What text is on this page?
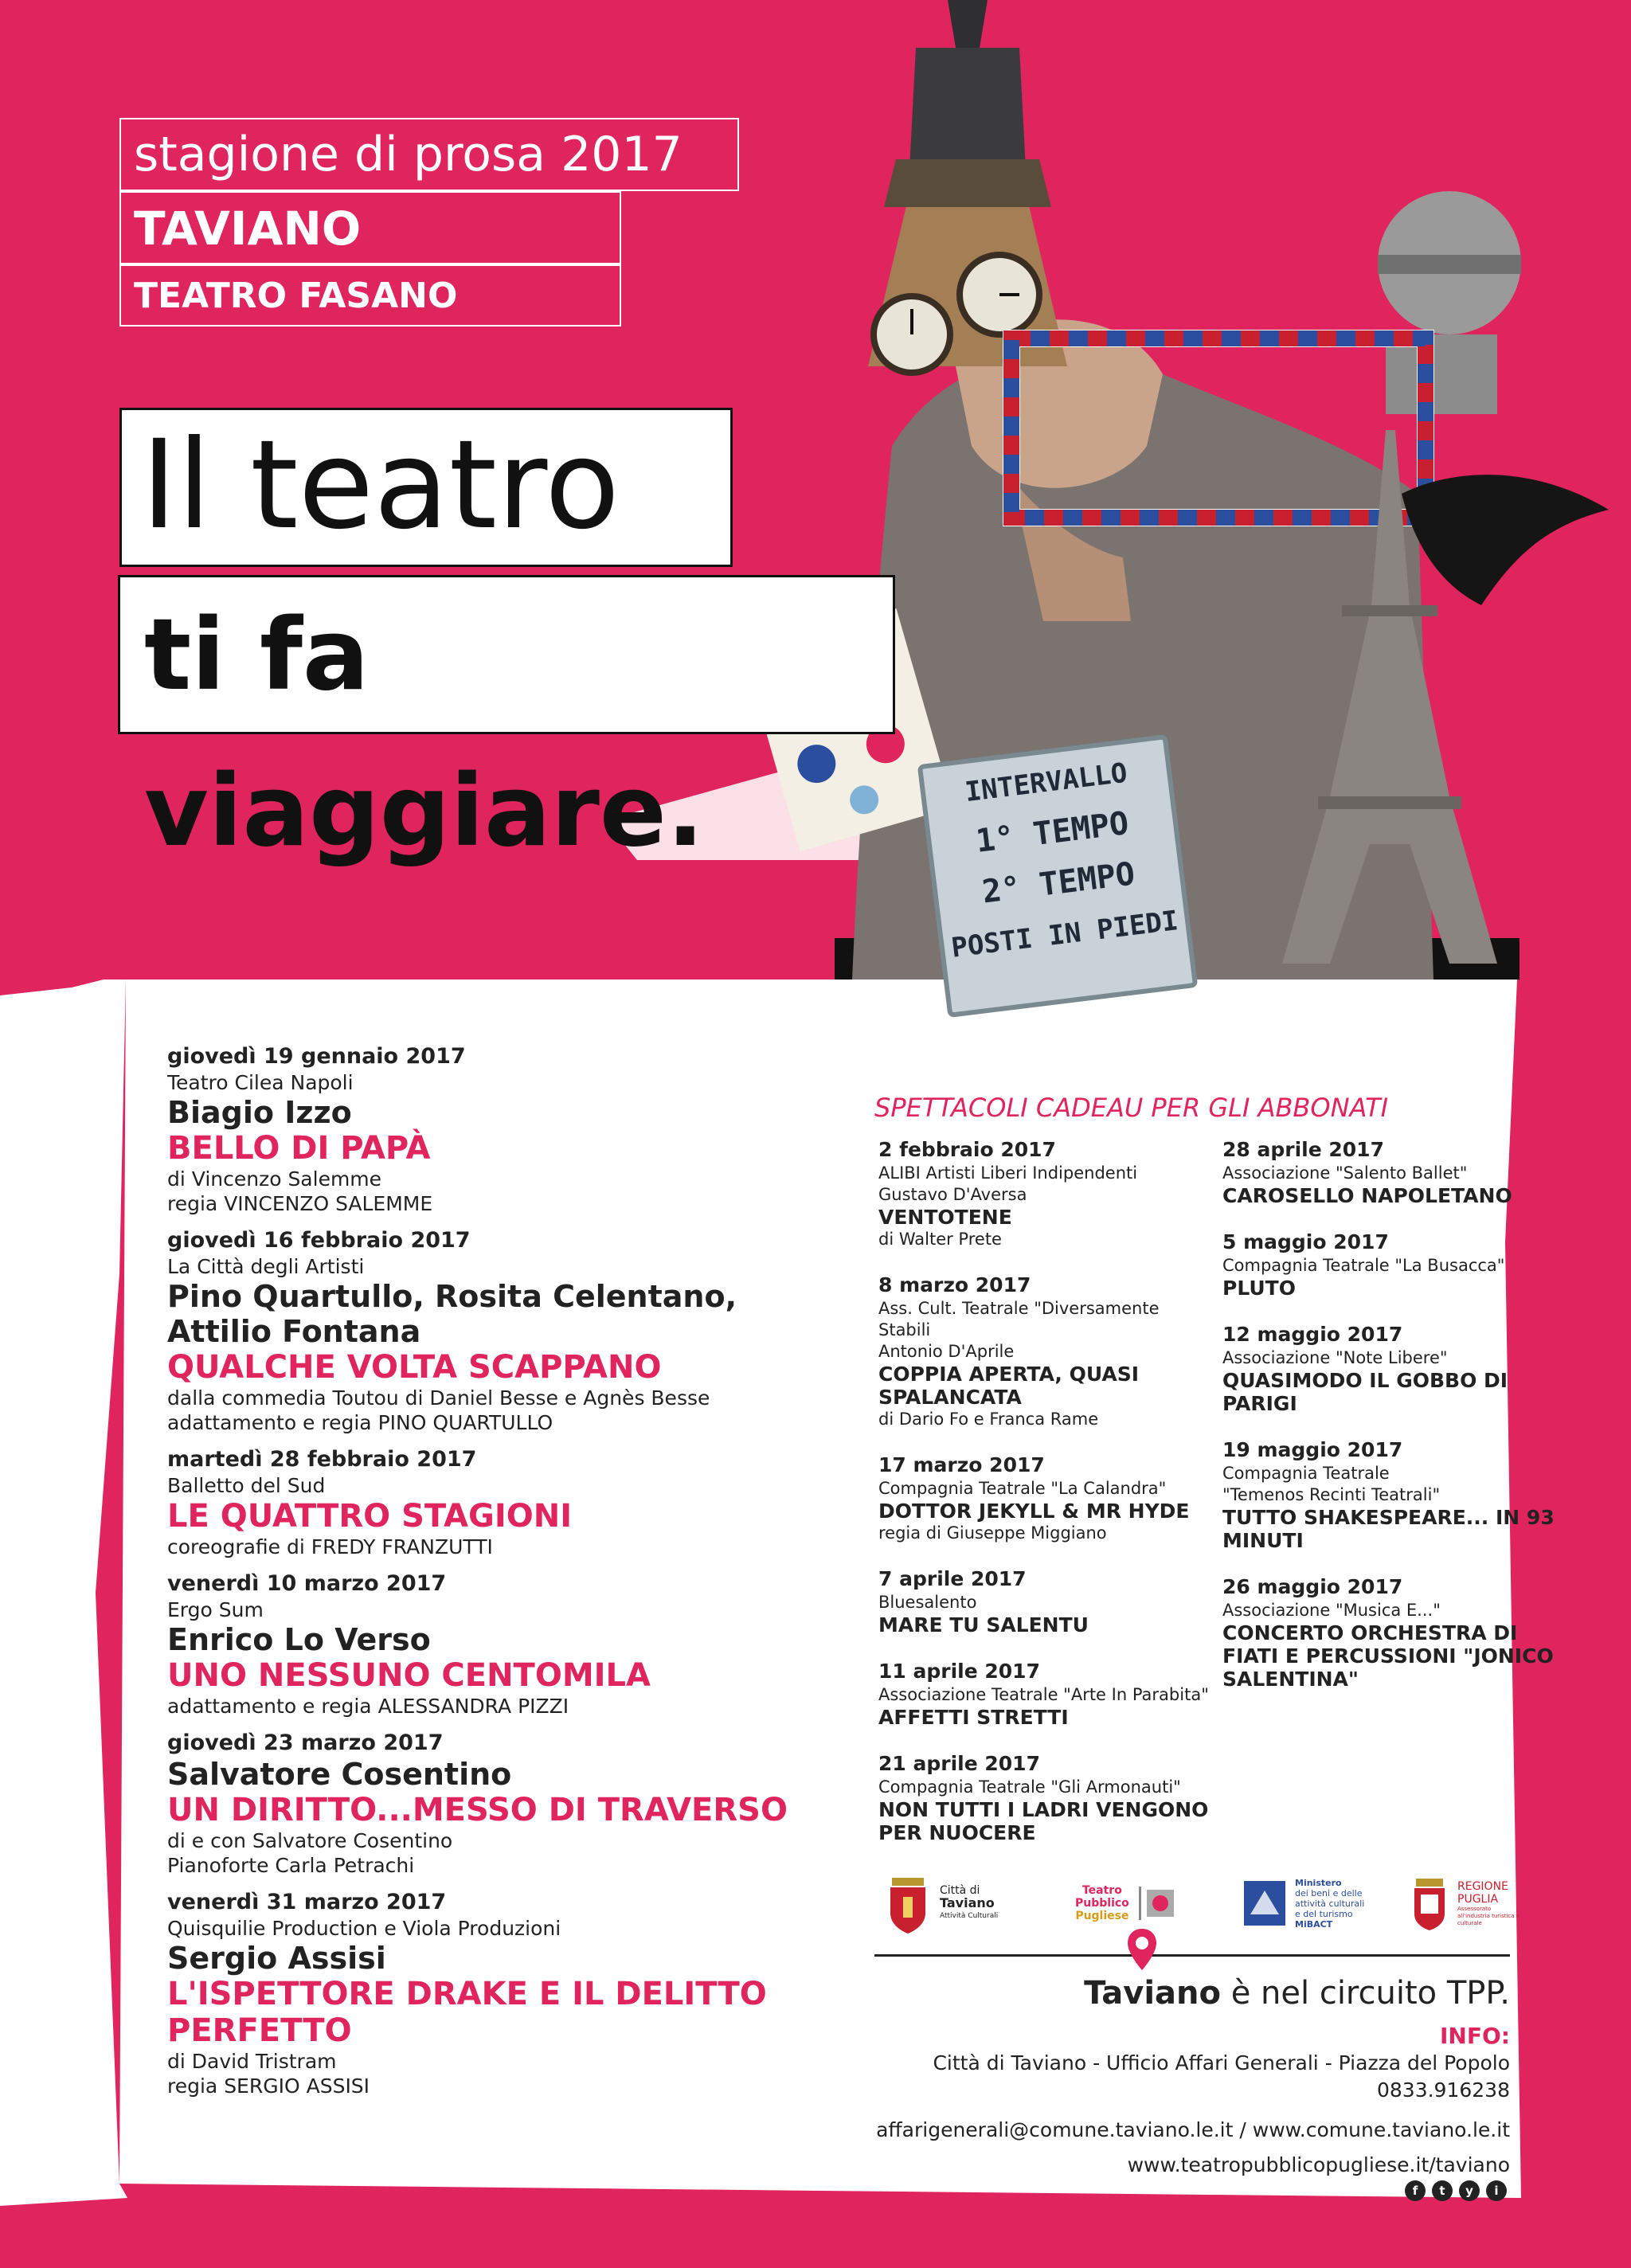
stagione di prosa 2017
TAVIANO
TEATRO FASANO
INTERVALLO
1° TEMPO
2° TEMPO
POSTI IN PIEDI
Il teatro
ti fa viaggiare.
giovedì 19 gennaio 2017
Teatro Cilea Napoli
Biagio Izzo
BELLO DI PAPÀ
di Vincenzo Salemme
regia VINCENZO SALEMME
giovedì 16 febbraio 2017
La Città degli Artisti
Pino Quartullo, Rosita Celentano, Attilio Fontana
QUALCHE VOLTA SCAPPANO
dalla commedia Toutou di Daniel Besse e Agnès Besse
adattamento e regia PINO QUARTULLO
martedì 28 febbraio 2017
Balletto del Sud
LE QUATTRO STAGIONI
coreografie di FREDY FRANZUTTI
venerdì 10 marzo 2017
Ergo Sum
Enrico Lo Verso
UNO NESSUNO CENTOMILA
adattamento e regia ALESSANDRA PIZZI
giovedì 23 marzo 2017
Salvatore Cosentino
UN DIRITTO...MESSO DI TRAVERSO
di e con Salvatore Cosentino
Pianoforte Carla Petrachi
venerdì 31 marzo 2017
Quisquilie Production e Viola Produzioni
Sergio Assisi
L'ISPETTORE DRAKE E IL DELITTO PERFETTO
di David Tristram
regia SERGIO ASSISI
SPETTACOLI CADEAU PER GLI ABBONATI
2 febbraio 2017
ALIBI Artisti Liberi Indipendenti
Gustavo D'Aversa
VENTOTENE
di Walter Prete
8 marzo 2017
Ass. Cult. Teatrale "Diversamente Stabili
Antonio D'Aprile
COPPIA APERTA, QUASI SPALANCATA
di Dario Fo e Franca Rame
17 marzo 2017
Compagnia Teatrale "La Calandra"
DOTTOR JEKYLL & MR HYDE
regia di Giuseppe Miggiano
7 aprile 2017
Bluesalento
MARE TU SALENTU
11 aprile 2017
Associazione Teatrale "Arte In Parabita"
AFFETTI STRETTI
21 aprile 2017
Compagnia Teatrale "Gli Armonauti"
NON TUTTI I LADRI VENGONO PER NUOCERE
28 aprile 2017
Associazione "Salento Ballet"
CAROSELLO NAPOLETANO
5 maggio 2017
Compagnia Teatrale "La Busacca"
PLUTO
12 maggio 2017
Associazione "Note Libere"
QUASIMODO IL GOBBO DI PARIGI
19 maggio 2017
Compagnia Teatrale
"Temenos Recinti Teatrali"
TUTTO SHAKESPEARE... IN 93 MINUTI
26 maggio 2017
Associazione "Musica E..."
CONCERTO ORCHESTRA DI FIATI E PERCUSSIONI "JONICO SALENTINA"
Città di
Taviano
Attività Culturali
Teatro
Pubblico
Pugliese
Ministero
dei beni e delle
attività culturali
e del turismo
MiBACT
REGIONE
PUGLIA
Assessorato all'industria turistica e culturale
Taviano è nel circuito TPP.
INFO:
Città di Taviano - Ufficio Affari Generali - Piazza del Popolo
0833.916238
affarigenerali@comune.taviano.le.it / www.comune.taviano.le.it
www.teatropubblicopugliese.it/taviano
f	t	y	i
